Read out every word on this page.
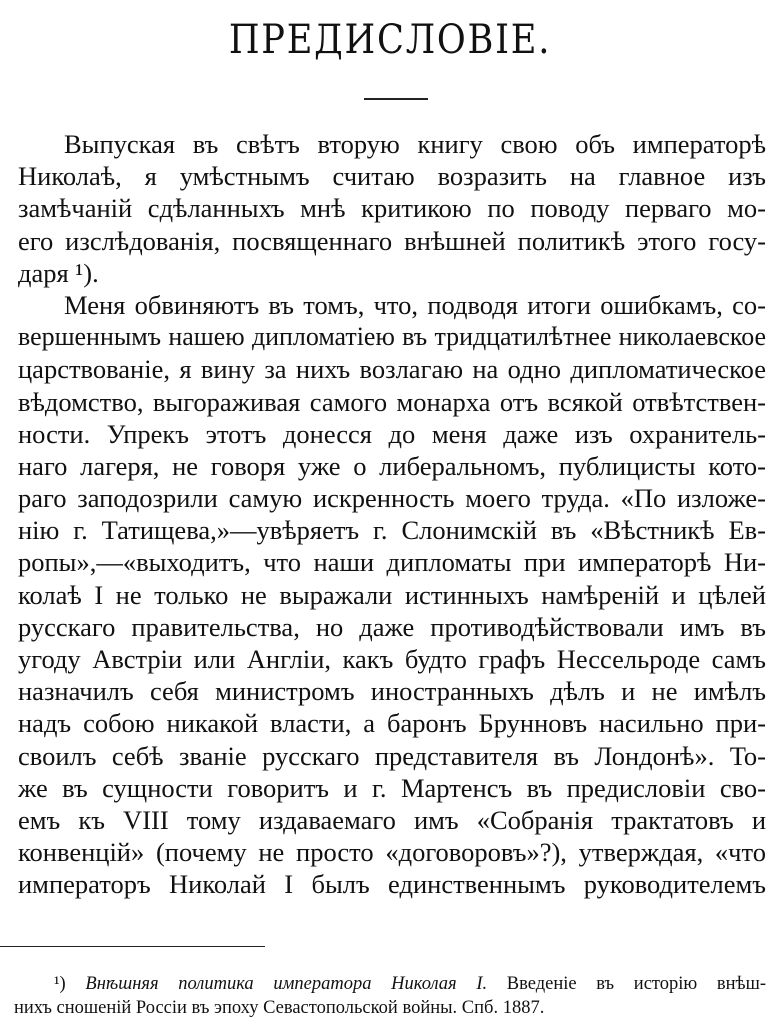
ПРЕДИСЛОВІЕ.
Выпуская въ свѣтъ вторую книгу свою объ императорѣ
Николаѣ, я умѣстнымъ считаю возразить на главное изъ
замѣчаній сдѣланныхъ мнѣ критикою по поводу перваго мо-
его изслѣдованія, посвященнаго внѣшней политикѣ этого госу-
даря ¹).
Меня обвиняютъ въ томъ, что, подводя итоги ошибкамъ, со-
вершеннымъ нашею дипломатіею въ тридцатилѣтнее николаевское
царствованіе, я вину за нихъ возлагаю на одно дипломатическое
вѣдомство, выгораживая самого монарха отъ всякой отвѣтствен-
ности. Упрекъ этотъ донесся до меня даже изъ охранитель-
наго лагеря, не говоря уже о либеральномъ, публицисты кото-
раго заподозрили самую искренность моего труда. «По изложе-
нію г. Татищева,»—увѣряетъ г. Слонимскій въ «Вѣстникѣ Ев-
ропы»,—«выходитъ, что наши дипломаты при императорѣ Ни-
колаѣ I не только не выражали истинныхъ намѣреній и цѣлей
русскаго правительства, но даже противодѣйствовали имъ въ
угоду Австріи или Англіи, какъ будто графъ Нессельроде самъ
назначилъ себя министромъ иностранныхъ дѣлъ и не имѣлъ
надъ собою никакой власти, а баронъ Брунновъ насильно при-
своилъ себѣ званіе русскаго представителя въ Лондонѣ». То-
же въ сущности говоритъ и г. Мартенсъ въ предисловіи сво-
емъ къ VIII тому издаваемаго имъ «Собранія трактатовъ и
конвенцій» (почему не просто «договоровъ»?), утверждая, «что
императоръ Николай I былъ единственнымъ руководителемъ
¹) Внѣшняя политика императора Николая I. Введеніе въ исторію внѣш-
нихъ сношеній Россіи въ эпоху Севастопольской войны. Спб. 1887.
